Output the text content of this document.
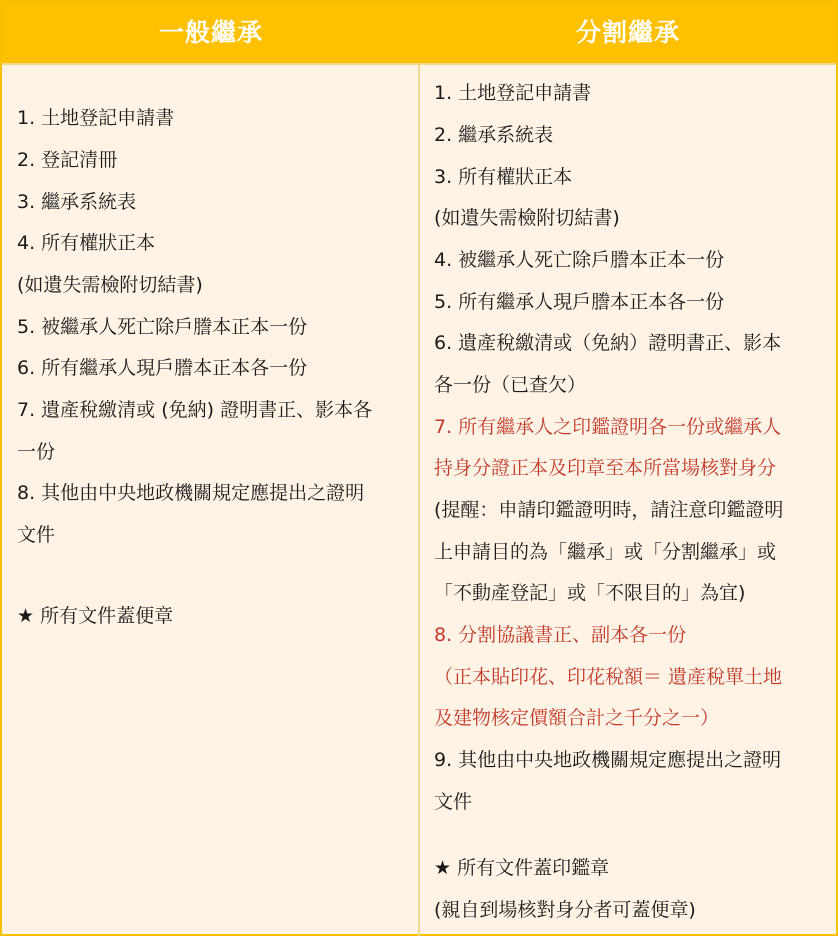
一般繼承	分割繼承

1. 土地登記申請書

2. 登記清冊

3. 繼承系統表

4. 所有權狀正本

(如遺失需檢附切結書)

5. 被繼承人死亡除戶謄本正本一份

6. 所有繼承人現戶謄本正本各一份

7. 遺產稅繳清或 (免納) 證明書正、影本各

一份

8. 其他由中央地政機關規定應提出之證明

文件

★ 所有文件蓋便章

1. 土地登記申請書

2. 繼承系統表

3. 所有權狀正本

(如遺失需檢附切結書)

4. 被繼承人死亡除戶謄本正本一份

5. 所有繼承人現戶謄本正本各一份

6. 遺產稅繳清或（免納）證明書正、影本

各一份（已查欠）

7. 所有繼承人之印鑑證明各一份或繼承人

持身分證正本及印章至本所當場核對身分

(提醒：申請印鑑證明時，請注意印鑑證明

上申請目的為「繼承」或「分割繼承」或

「不動產登記」或「不限目的」為宜)

8. 分割協議書正、副本各一份

（正本貼印花、印花稅額＝ 遺產稅單土地

及建物核定價額合計之千分之一）

9. 其他由中央地政機關規定應提出之證明

文件

★ 所有文件蓋印鑑章

(親自到場核對身分者可蓋便章)
